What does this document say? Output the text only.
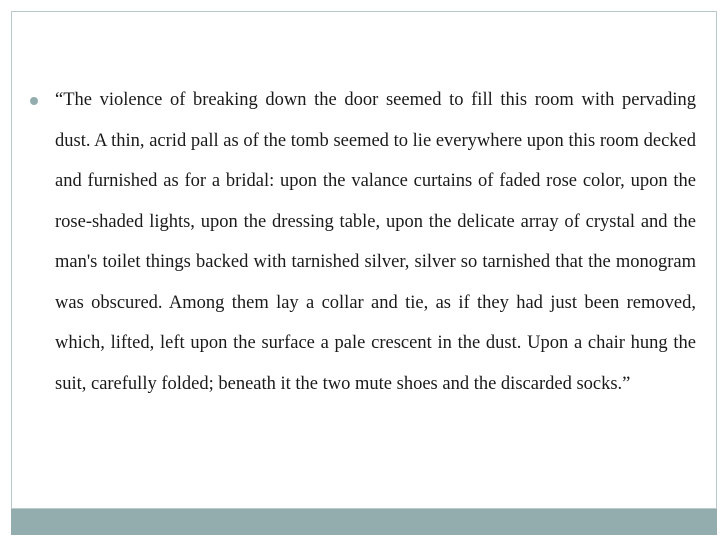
“The violence of breaking down the door seemed to fill this room with pervading dust. A thin, acrid pall as of the tomb seemed to lie everywhere upon this room decked and furnished as for a bridal: upon the valance curtains of faded rose color, upon the rose-shaded lights, upon the dressing table, upon the delicate array of crystal and the man's toilet things backed with tarnished silver, silver so tarnished that the monogram was obscured. Among them lay a collar and tie, as if they had just been removed, which, lifted, left upon the surface a pale crescent in the dust. Upon a chair hung the suit, carefully folded; beneath it the two mute shoes and the discarded socks.”
